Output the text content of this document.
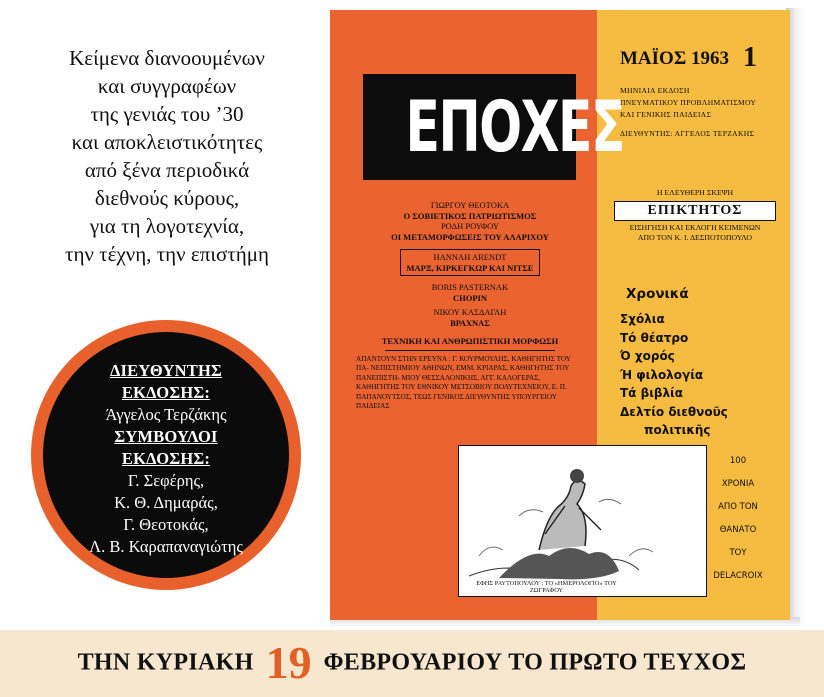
Κείμενα διανοουμένων
και συγγραφέων
της γενιάς του ’30
και αποκλειστικότητες
από ξένα περιοδικά
διεθνούς κύρους,
για τη λογοτεχνία,
την τέχνη, την επιστήμη
ΔΙΕΥΘΥΝΤΗΣ
ΕΚΔΟΣΗΣ:
Άγγελος Τερζάκης
ΣΥΜΒΟΥΛΟΙ
ΕΚΔΟΣΗΣ:
Γ. Σεφέρης,
Κ. Θ. Δημαράς,
Γ. Θεοτοκάς,
Λ. Β. Καραπαναγιώτης
ΕΠΟΧΕΣ
ΓΙΩΡΓΟΥ ΘΕΟΤΟΚΑ
Ο ΣΟΒΙΕΤΙΚΟΣ ΠΑΤΡΙΩΤΙΣΜΟΣ
ΡΟΔΗ ΡΟΥΦΟΥ
ΟΙ ΜΕΤΑΜΟΡΦΩΣΕΙΣ ΤΟΥ ΑΛΑΡΙΧΟΥ
ΗΑΝΝΑΗ ΑRENDT
ΜΑΡΞ, ΚΙΡΚΕΓΚΩΡ ΚΑΙ ΝΙΤΣΕ
BORIS PASTERNAK
CHOPIN
ΝΙΚΟΥ ΚΑΣΔΑΓΛΗ
ΒΡΑΧΝΑΣ
ΤΕΧΝΙΚΗ ΚΑΙ ΑΝΘΡΩΠΙΣΤΙΚΗ ΜΟΡΦΩΣΗ
ΑΠΑΝΤΟΥΝ ΣΤΗΝ ΕΡΕΥΝΑ : Γ. ΚΟΥΡΜΟΥΛΗΣ, ΚΑΘΗΓΗΤΗΣ ΤΟΥ ΠΑ- ΝΕΠΙΣΤΗΜΙΟΥ ΑΘΗΝΩΝ, ΕΜΜ. ΚΡΙΑΡΑΣ, ΚΑΘΗΓΗΤΗΣ ΤΟΥ ΠΑΝΕΠΙΣΤΗ- ΜΙΟΥ ΘΕΣΣΑΛΟΝΙΚΗΣ, ΑΓΓ. ΚΑΛΟΓΕΡΑΣ, ΚΑΘΗΓΗΤΗΣ ΤΟΥ ΕΘΝΙΚΟΥ ΜΕΤΣΟΒΙΟΥ ΠΟΛΥΤΕΧΝΕΙΟΥ, Ε. Π. ΠΑΠΑΝΟΥΤΣΟΣ, ΤΕΩΣ ΓΕΝΙΚΟΣ ΔΙΕΥΘΥΝΤΗΣ ΥΠΟΥΡΓΕΙΟΥ ΠΑΙΔΕΙΑΣ
ΜΑΪΟΣ 1963 1
ΜΗΝΙΑΙΑ ΕΚΔΟΣΗ
ΠΝΕΥΜΑΤΙΚΟΥ ΠΡΟΒΛΗΜΑΤΙΣΜΟΥ
ΚΑΙ ΓΕΝΙΚΗΣ ΠΑΙΔΕΙΑΣ
ΔΙΕΥΘΥΝΤΗΣ: ΑΓΓΕΛΟΣ ΤΕΡΖΑΚΗΣ
Η ΕΛΕΥΘΕΡΗ ΣΚΕΨΗ
ΕΠΙΚΤΗΤΟΣ
ΕΙΣΗΓΗΣΗ ΚΑΙ ΕΚΛΟΓΗ ΚΕΙΜΕΝΩΝ
ΑΠΟ ΤΟΝ Κ. Ι. ΔΕΣΠΟΤΟΠΟΥΛΟ
Χρονικά
Σχόλια
Τό θέατρο
Ό χορός
Ή φιλολογία
Τά βιβλία
Δελτίο διεθνοῦς
πολιτικῆς
ΕΦΗΣ ΡΑΥΤΟΠΟΥΛΟΥ : ΤΟ «ΗΜΕΡΟΛΟΓΙΟ» ΤΟΥ ΖΩΓΡΑΦΟΥ
100
ΧΡΟΝΙΑ
ΑΠΟ ΤΟΝ
ΘΑΝΑΤΟ
ΤΟΥ
DELACROIX
ΤΗΝ ΚΥΡΙΑΚΗ 19 ΦΕΒΡΟΥΑΡΙΟΥ ΤΟ ΠΡΩΤΟ ΤΕΥΧΟΣ
